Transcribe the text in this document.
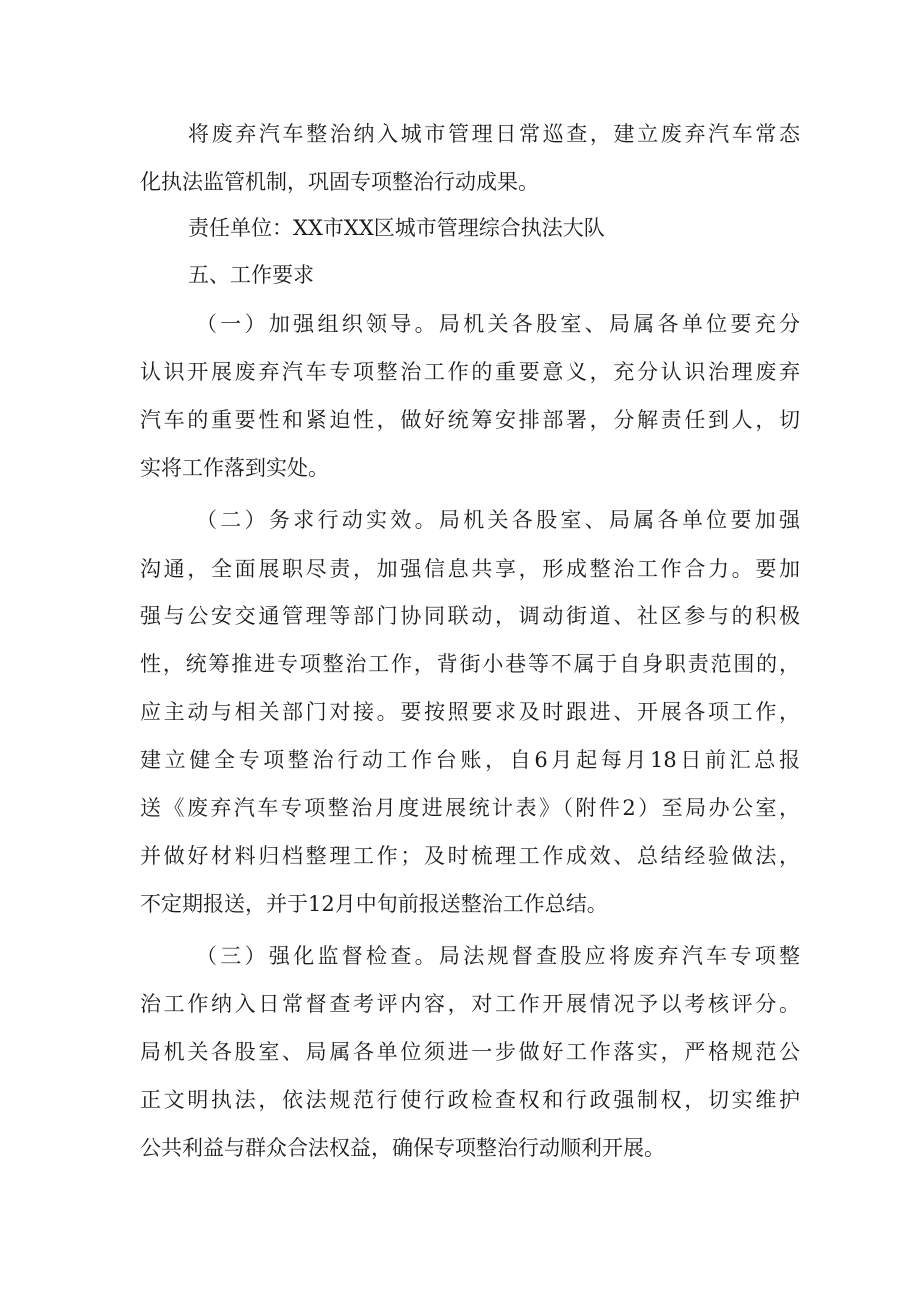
将废弃汽车整治纳入城市管理日常巡查，建立废弃汽车常态
化执法监管机制，巩固专项整治行动成果。
责任单位：XX市XX区城市管理综合执法大队
五、工作要求
（一）加强组织领导。局机关各股室、局属各单位要充分
认识开展废弃汽车专项整治工作的重要意义，充分认识治理废弃
汽车的重要性和紧迫性，做好统筹安排部署，分解责任到人，切
实将工作落到实处。
（二）务求行动实效。局机关各股室、局属各单位要加强
沟通，全面展职尽责，加强信息共享，形成整治工作合力。要加
强与公安交通管理等部门协同联动，调动街道、社区参与的积极
性，统筹推进专项整治工作，背街小巷等不属于自身职责范围的，
应主动与相关部门对接。要按照要求及时跟进、开展各项工作，
建立健全专项整治行动工作台账，自6月起每月18日前汇总报
送《废弃汽车专项整治月度进展统计表》（附件2）至局办公室，
并做好材料归档整理工作；及时梳理工作成效、总结经验做法，
不定期报送，并于12月中旬前报送整治工作总结。
（三）强化监督检查。局法规督查股应将废弃汽车专项整
治工作纳入日常督查考评内容，对工作开展情况予以考核评分。
局机关各股室、局属各单位须进一步做好工作落实，严格规范公
正文明执法，依法规范行使行政检查权和行政强制权，切实维护
公共利益与群众合法权益，确保专项整治行动顺利开展。
